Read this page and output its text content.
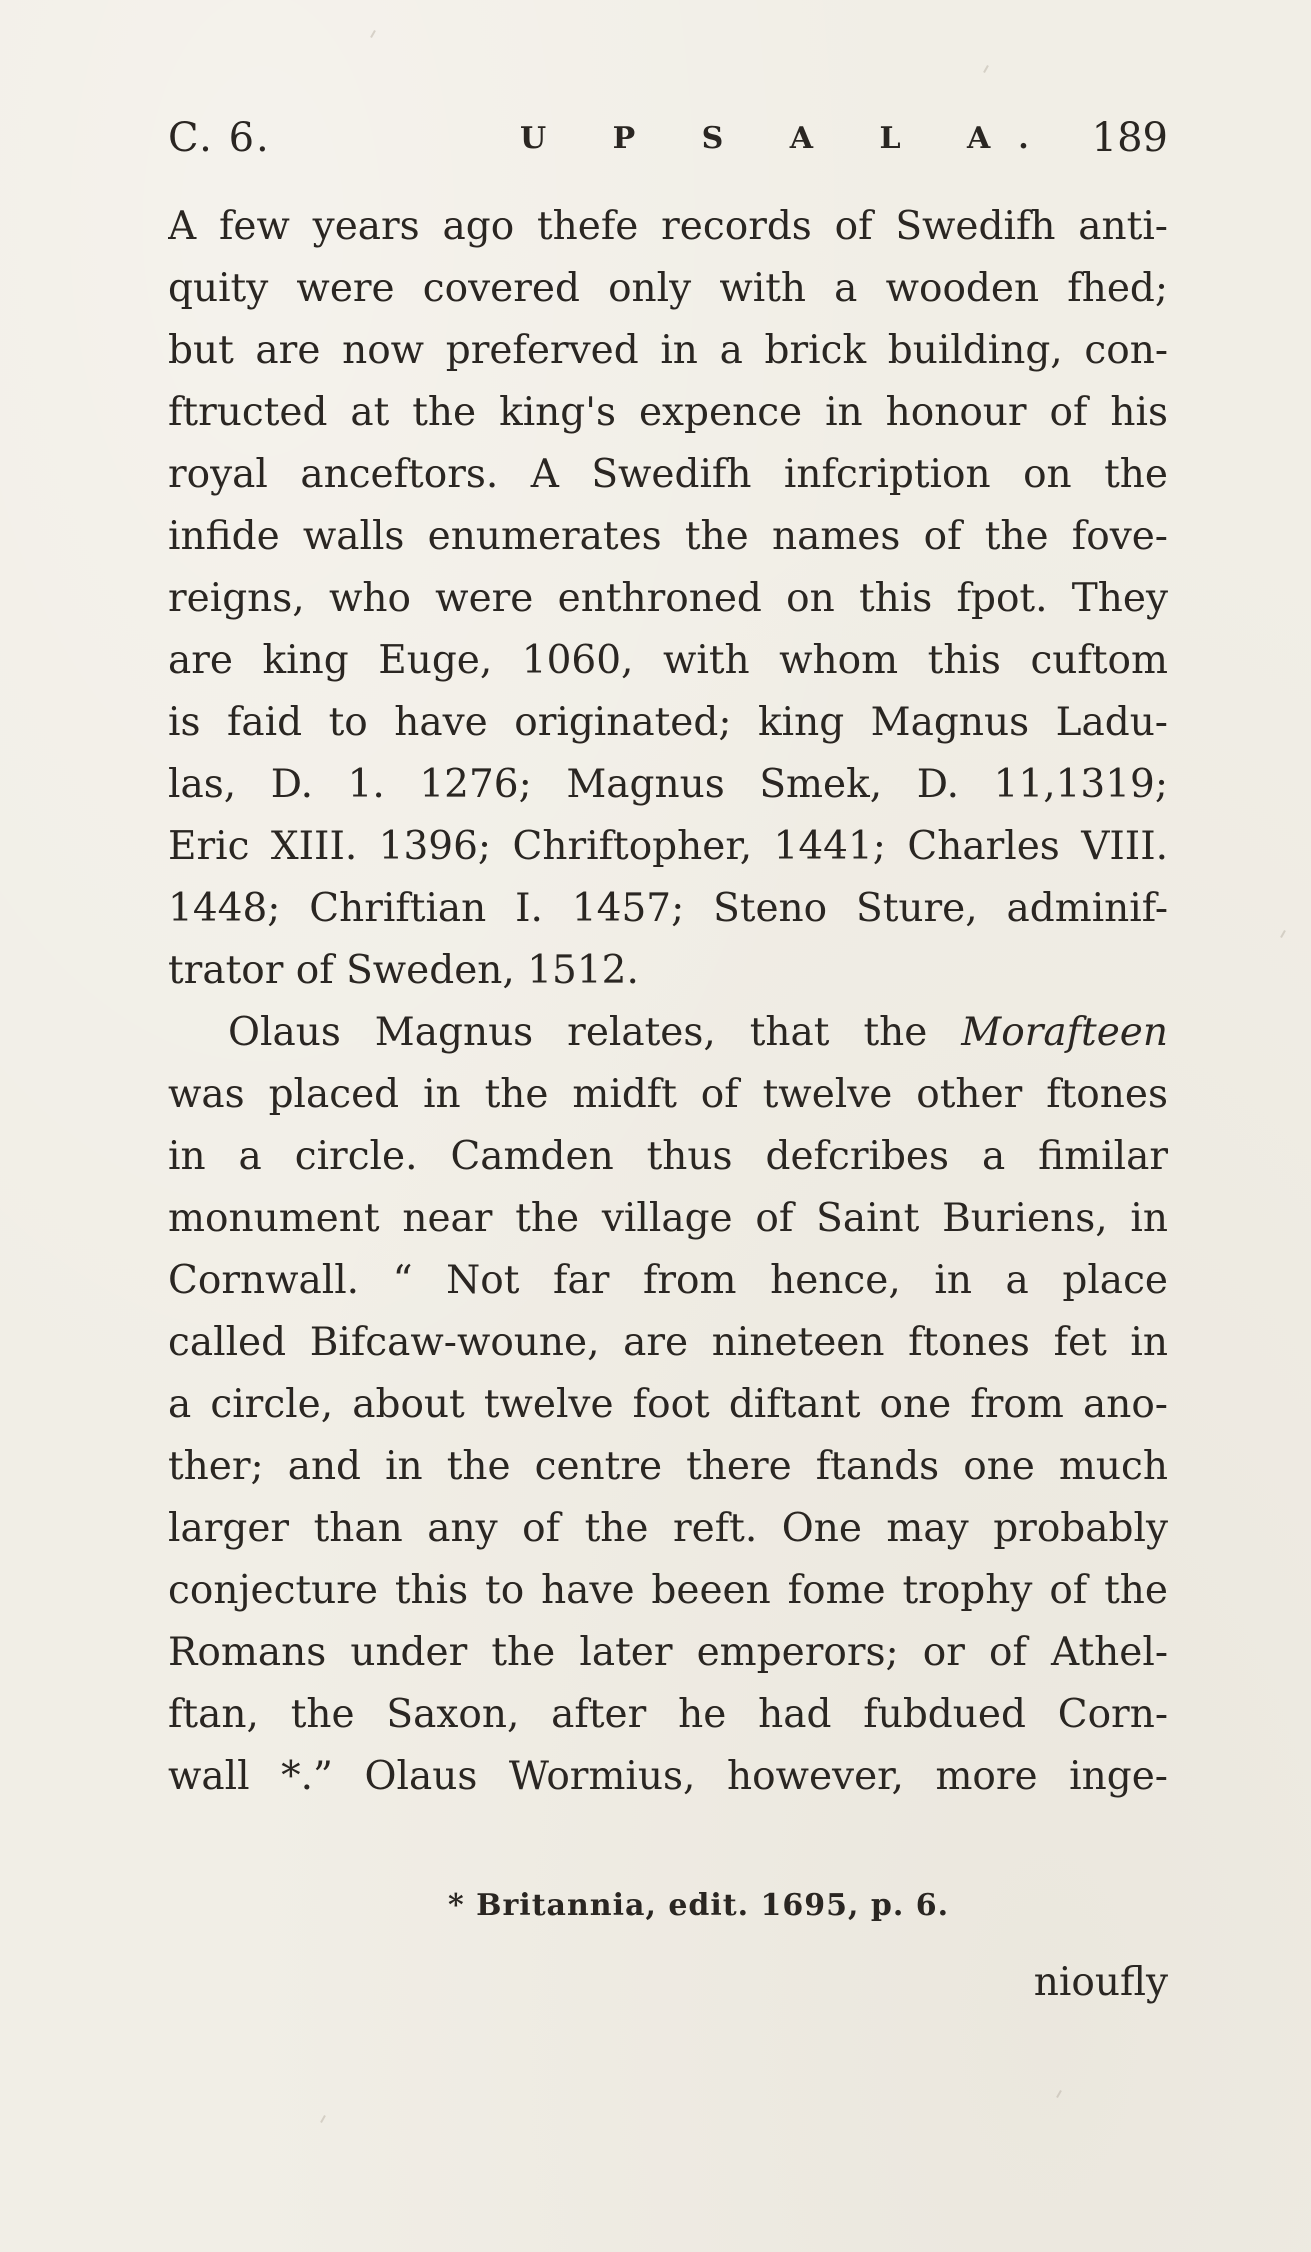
C. 6.	U P S A L A. 189
A few years ago thefe records of Swedifh anti-
quity were covered only with a wooden fhed;
but are now preferved in a brick building, con-
ftructed at the king's expence in honour of his
royal anceftors. A Swedifh infcription on the
infide walls enumerates the names of the fove-
reigns, who were enthroned on this fpot. They
are king Euge, 1060, with whom this cuftom
is faid to have originated; king Magnus Ladu-
las, D. 1. 1276; Magnus Smek, D. 11,1319;
Eric XIII. 1396; Chriftopher, 1441; Charles VIII.
1448; Chriftian I. 1457; Steno Sture, adminif-
trator of Sweden, 1512.
Olaus Magnus relates, that the Morafteen
was placed in the midft of twelve other ftones
in a circle. Camden thus defcribes a fimilar
monument near the village of Saint Buriens, in
Cornwall. “ Not far from hence, in a place
called Bifcaw-woune, are nineteen ftones fet in
a circle, about twelve foot diftant one from ano-
ther; and in the centre there ftands one much
larger than any of the reft. One may probably
conjecture this to have beeen fome trophy of the
Romans under the later emperors; or of Athel-
ftan, the Saxon, after he had fubdued Corn-
wall *.” Olaus Wormius, however, more inge-
* Britannia, edit. 1695, p. 6.
nioufly
